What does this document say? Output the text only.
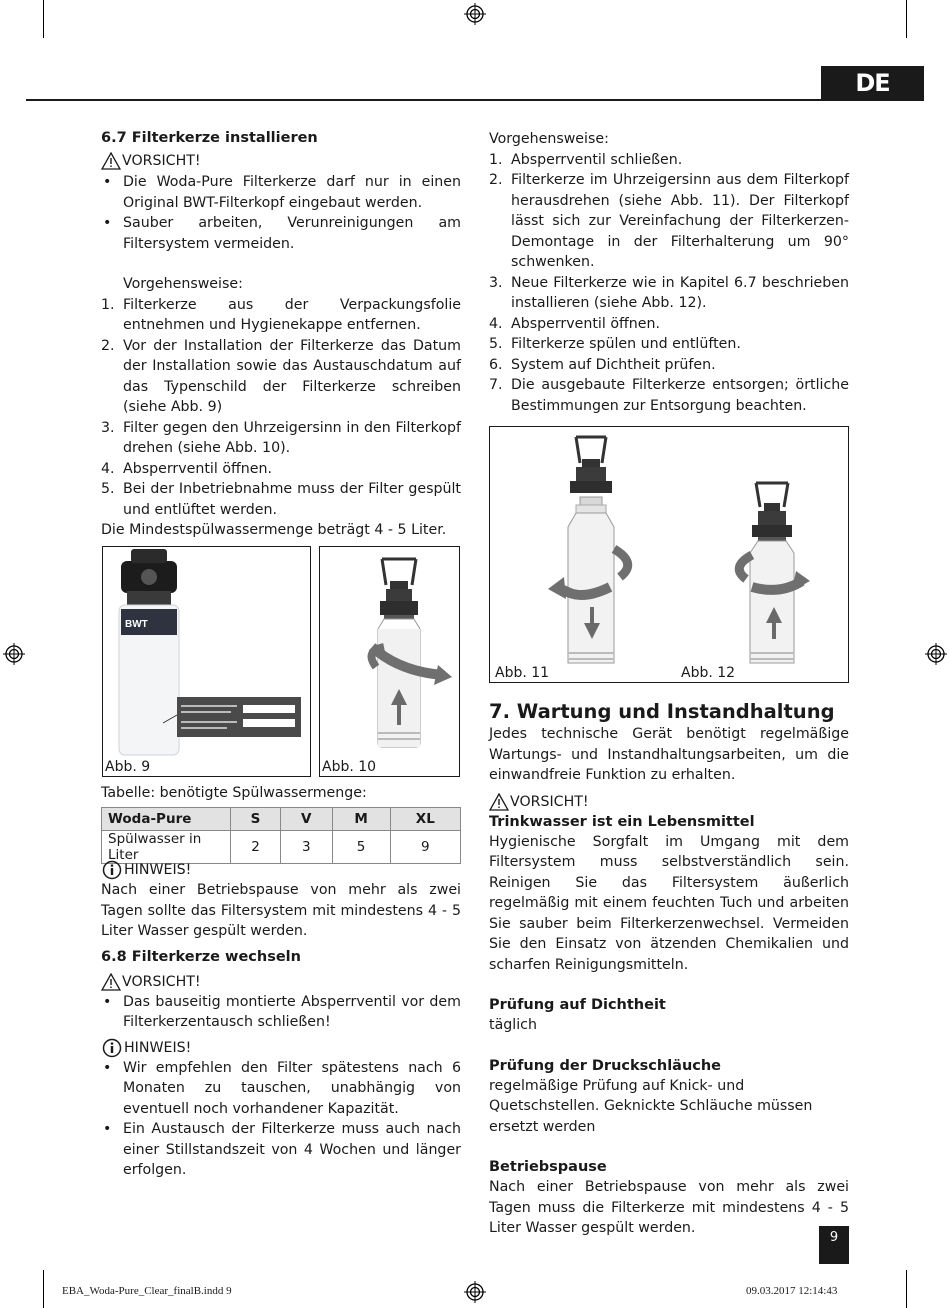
DE

6.7 Filterkerze installieren

VORSICHT!
• Die Woda-Pure Filterkerze darf nur in einen Original BWT-Filterkopf eingebaut werden.
• Sauber arbeiten, Verunreinigungen am Filtersystem vermeiden.

Vorgehensweise:

1. Filterkerze aus der Verpackungsfolie entnehmen und Hygienekappe entfernen.
2. Vor der Installation der Filterkerze das Datum der Installation sowie das Austauschdatum auf das Typenschild der Filterkerze schreiben (siehe Abb. 9)
3. Filter gegen den Uhrzeigersinn in den Filterkopf drehen (siehe Abb. 10).
4. Absperrventil öffnen.
5. Bei der Inbetriebnahme muss der Filter gespült und entlüftet werden.

Die Mindestspülwassermenge beträgt 4 - 5 Liter.

BWT
Abb. 9	Abb. 10

Tabelle: benötigte Spülwassermenge:

Woda-Pure	S	V	M	XL
Spülwasser in Liter	2	3	5	9
HINWEIS!

Nach einer Betriebspause von mehr als zwei Tagen sollte das Filtersystem mit mindestens 4 - 5 Liter Wasser gespült werden.

6.8 Filterkerze wechseln

VORSICHT!
• Das bauseitig montierte Absperrventil vor dem Filterkerzentausch schließen!
HINWEIS!
• Wir empfehlen den Filter spätestens nach 6 Monaten zu tauschen, unabhängig von eventuell noch vorhandener Kapazität.
• Ein Austausch der Filterkerze muss auch nach einer Stillstandszeit von 4 Wochen und länger erfolgen.

Vorgehensweise:

1. Absperrventil schließen.
2. Filterkerze im Uhrzeigersinn aus dem Filterkopf herausdrehen (siehe Abb. 11). Der Filterkopf lässt sich zur Vereinfachung der Filterkerzen-Demontage in der Filterhalterung um 90° schwenken.
3. Neue Filterkerze wie in Kapitel 6.7 beschrieben installieren (siehe Abb. 12).
4. Absperrventil öffnen.
5. Filterkerze spülen und entlüften.
6. System auf Dichtheit prüfen.
7. Die ausgebaute Filterkerze entsorgen; örtliche Bestimmungen zur Entsorgung beachten.
Abb. 11	Abb. 12

7. Wartung und Instandhaltung

Jedes technische Gerät benötigt regelmäßige Wartungs- und Instandhaltungsarbeiten, um die einwandfreie Funktion zu erhalten.

VORSICHT!

Trinkwasser ist ein Lebensmittel

Hygienische Sorgfalt im Umgang mit dem Filtersystem muss selbstverständlich sein. Reinigen Sie das Filtersystem äußerlich regelmäßig mit einem feuchten Tuch und arbeiten Sie sauber beim Filterkerzenwechsel. Vermeiden Sie den Einsatz von ätzenden Chemikalien und scharfen Reinigungsmitteln.

Prüfung auf Dichtheit

täglich

Prüfung der Druckschläuche

regelmäßige Prüfung auf Knick- und Quetschstellen. Geknickte Schläuche müssen ersetzt werden

Betriebspause

Nach einer Betriebspause von mehr als zwei Tagen muss die Filterkerze mit mindestens 4 - 5 Liter Wasser gespült werden.

9
EBA_Woda-Pure_Clear_finalB.indd 9	09.03.2017 12:14:43
